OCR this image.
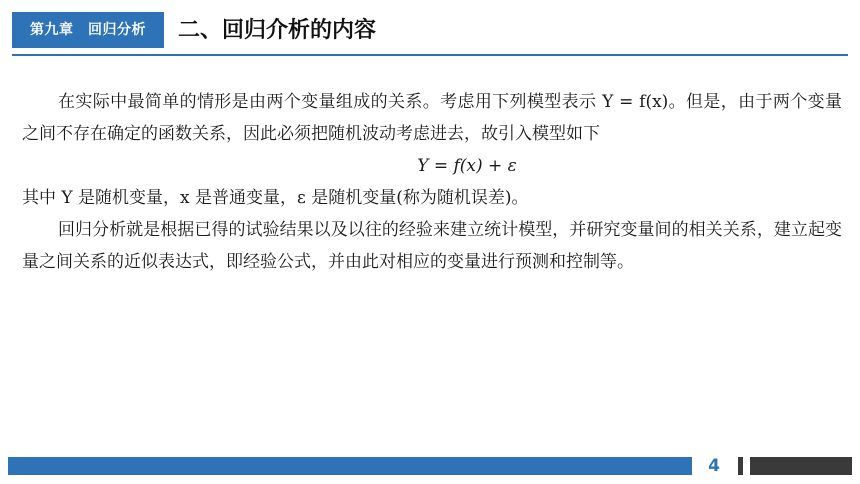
第九章　回归分析	二、回归介析的内容

在实际中最简单的情形是由两个变量组成的关系。考虑用下列模型表示 Y = f(x)。但是，由于两个变量之间不存在确定的函数关系，因此必须把随机波动考虑进去，故引入模型如下

Y = f(x) + ε

其中 Y 是随机变量，x 是普通变量，ε 是随机变量(称为随机误差)。

回归分析就是根据已得的试验结果以及以往的经验来建立统计模型，并研究变量间的相关关系，建立起变量之间关系的近似表达式，即经验公式，并由此对相应的变量进行预测和控制等。

4
